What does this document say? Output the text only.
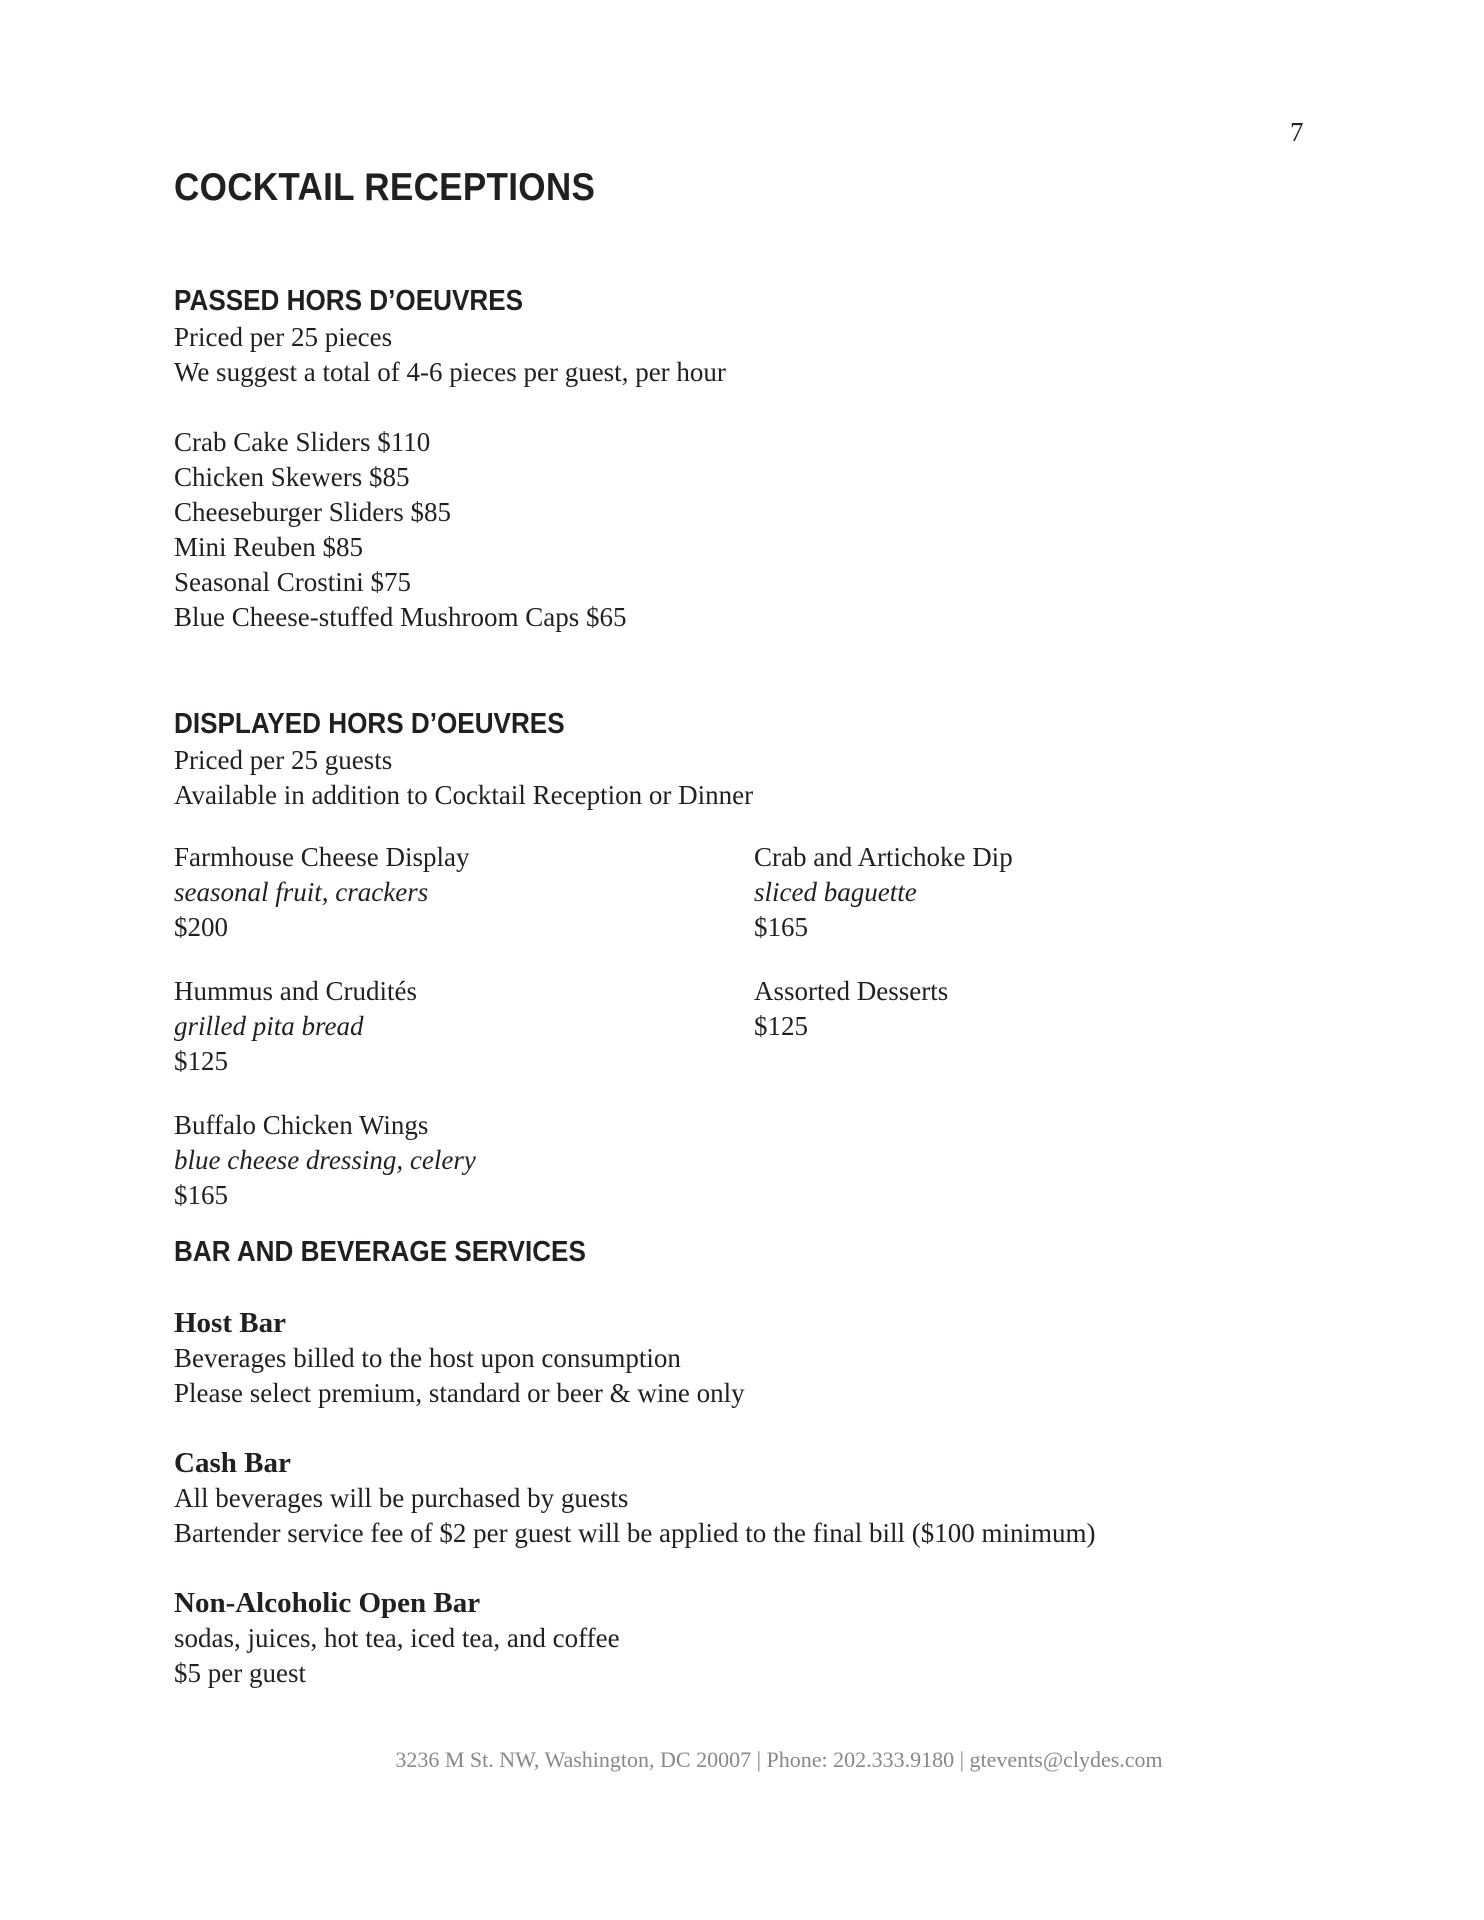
7
COCKTAIL RECEPTIONS
PASSED HORS D’OEUVRES
Priced per 25 pieces
We suggest a total of 4-6 pieces per guest, per hour
Crab Cake Sliders $110
Chicken Skewers $85
Cheeseburger Sliders $85
Mini Reuben $85
Seasonal Crostini $75
Blue Cheese-stuffed Mushroom Caps $65
DISPLAYED HORS D’OEUVRES
Priced per 25 guests
Available in addition to Cocktail Reception or Dinner
Farmhouse Cheese Display
seasonal fruit, crackers
$200
Crab and Artichoke Dip
sliced baguette
$165
Hummus and Crudités
grilled pita bread
$125
Assorted Desserts
$125
Buffalo Chicken Wings
blue cheese dressing, celery
$165
BAR AND BEVERAGE SERVICES
Host Bar
Beverages billed to the host upon consumption
Please select premium, standard or beer & wine only
Cash Bar
All beverages will be purchased by guests
Bartender service fee of $2 per guest will be applied to the final bill ($100 minimum)
Non-Alcoholic Open Bar
sodas, juices, hot tea, iced tea, and coffee
$5 per guest
3236 M St. NW, Washington, DC 20007 | Phone: 202.333.9180 | gtevents@clydes.com
